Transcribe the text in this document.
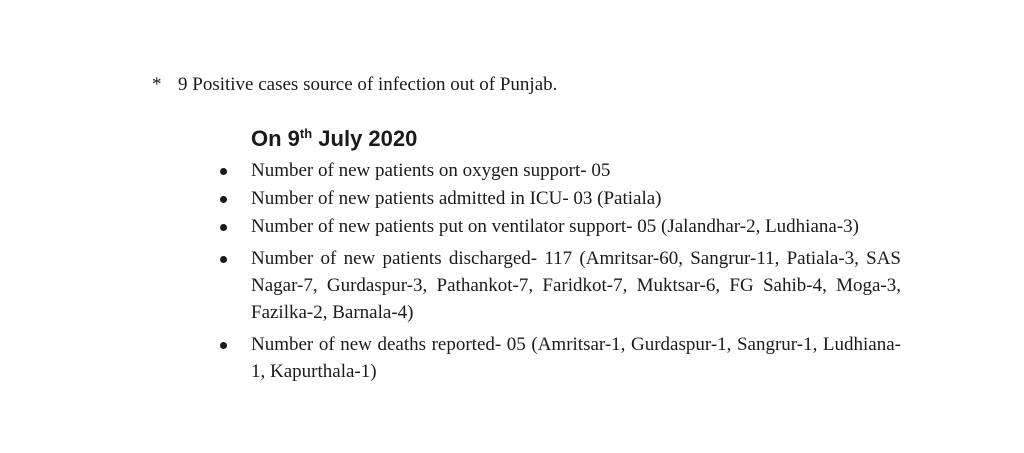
* 9 Positive cases source of infection out of Punjab.
On 9th July 2020
Number of new patients on oxygen support- 05
Number of new patients admitted in ICU- 03 (Patiala)
Number of new patients put on ventilator support- 05 (Jalandhar-2, Ludhiana-3)
Number of new patients discharged- 117 (Amritsar-60, Sangrur-11, Patiala-3, SAS Nagar-7, Gurdaspur-3, Pathankot-7, Faridkot-7, Muktsar-6, FG Sahib-4, Moga-3, Fazilka-2, Barnala-4)
Number of new deaths reported- 05 (Amritsar-1, Gurdaspur-1, Sangrur-1, Ludhiana-1, Kapurthala-1)
